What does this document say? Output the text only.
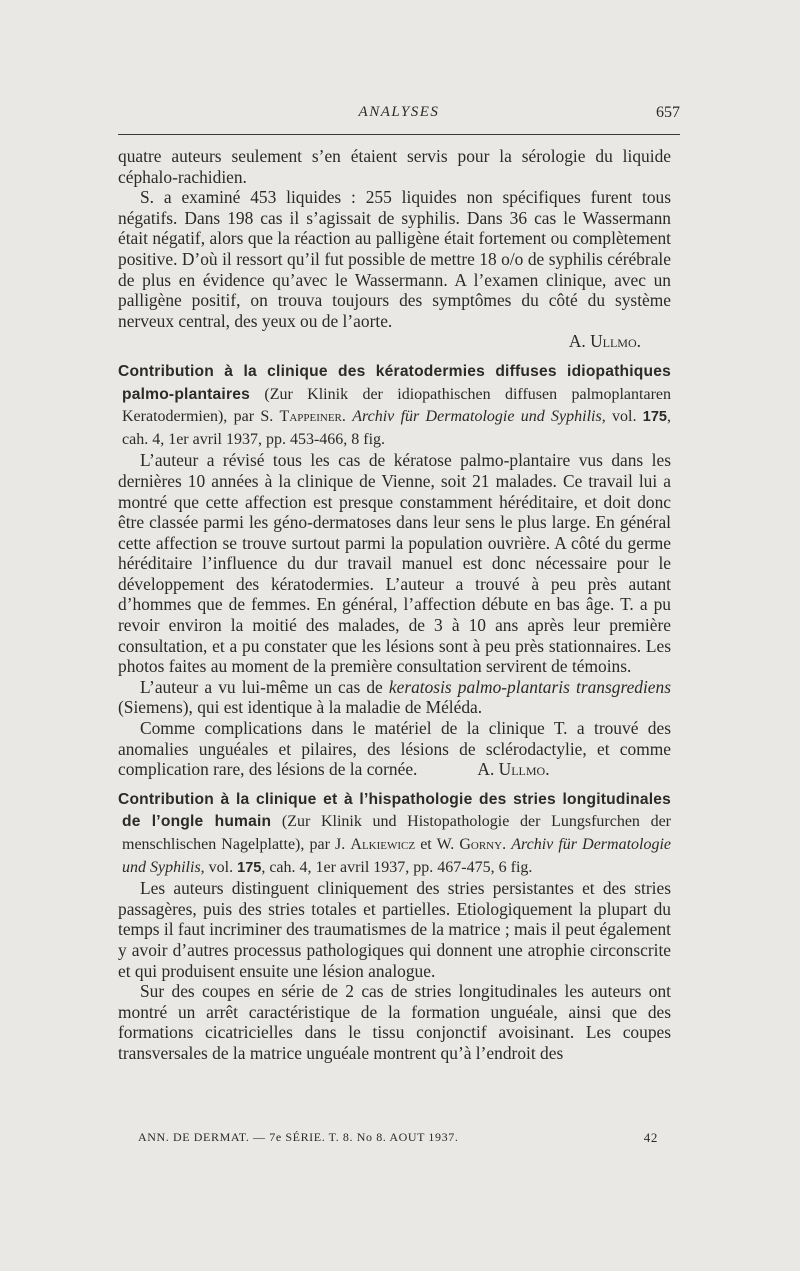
ANALYSES	657

quatre auteurs seulement s’en étaient servis pour la sérologie du liquide céphalo-rachidien.

S. a examiné 453 liquides : 255 liquides non spécifiques furent tous négatifs. Dans 198 cas il s’agissait de syphilis. Dans 36 cas le Wassermann était négatif, alors que la réaction au palligène était fortement ou complètement positive. D’où il ressort qu’il fut possible de mettre 18 o/o de syphilis cérébrale de plus en évidence qu’avec le Wassermann. A l’examen clinique, avec un palligène positif, on trouva toujours des symptômes du côté du système nerveux central, des yeux ou de l’aorte.

A. Ullmo.

Contribution à la clinique des kératodermies diffuses idiopathiques palmo-plantaires (Zur Klinik der idiopathischen diffusen palmoplantaren Keratodermien), par S. Tappeiner. Archiv für Dermatologie und Syphilis, vol. 175, cah. 4, 1er avril 1937, pp. 453-466, 8 fig.

L’auteur a révisé tous les cas de kératose palmo-plantaire vus dans les dernières 10 années à la clinique de Vienne, soit 21 malades. Ce travail lui a montré que cette affection est presque constamment héréditaire, et doit donc être classée parmi les géno-dermatoses dans leur sens le plus large. En général cette affection se trouve surtout parmi la population ouvrière. A côté du germe héréditaire l’influence du dur travail manuel est donc nécessaire pour le développement des kératodermies. L’auteur a trouvé à peu près autant d’hommes que de femmes. En général, l’affection débute en bas âge. T. a pu revoir environ la moitié des malades, de 3 à 10 ans après leur première consultation, et a pu constater que les lésions sont à peu près stationnaires. Les photos faites au moment de la première consultation servirent de témoins.

L’auteur a vu lui-même un cas de keratosis palmo-plantaris transgrediens (Siemens), qui est identique à la maladie de Méléda.

Comme complications dans le matériel de la clinique T. a trouvé des anomalies unguéales et pilaires, des lésions de sclérodactylie, et comme complication rare, des lésions de la cornée.	A. Ullmo.

Contribution à la clinique et à l’hispathologie des stries longitudinales de l’ongle humain (Zur Klinik und Histopathologie der Lungsfurchen der menschlischen Nagelplatte), par J. Alkiewicz et W. Gorny. Archiv für Dermatologie und Syphilis, vol. 175, cah. 4, 1er avril 1937, pp. 467-475, 6 fig.

Les auteurs distinguent cliniquement des stries persistantes et des stries passagères, puis des stries totales et partielles. Etiologiquement la plupart du temps il faut incriminer des traumatismes de la matrice ; mais il peut également y avoir d’autres processus pathologiques qui donnent une atrophie circonscrite et qui produisent ensuite une lésion analogue.

Sur des coupes en série de 2 cas de stries longitudinales les auteurs ont montré un arrêt caractéristique de la formation unguéale, ainsi que des formations cicatricielles dans le tissu conjonctif avoisinant. Les coupes transversales de la matrice unguéale montrent qu’à l’endroit des

ANN. DE DERMAT. — 7e SÉRIE. T. 8. No 8. AOUT 1937.	42
